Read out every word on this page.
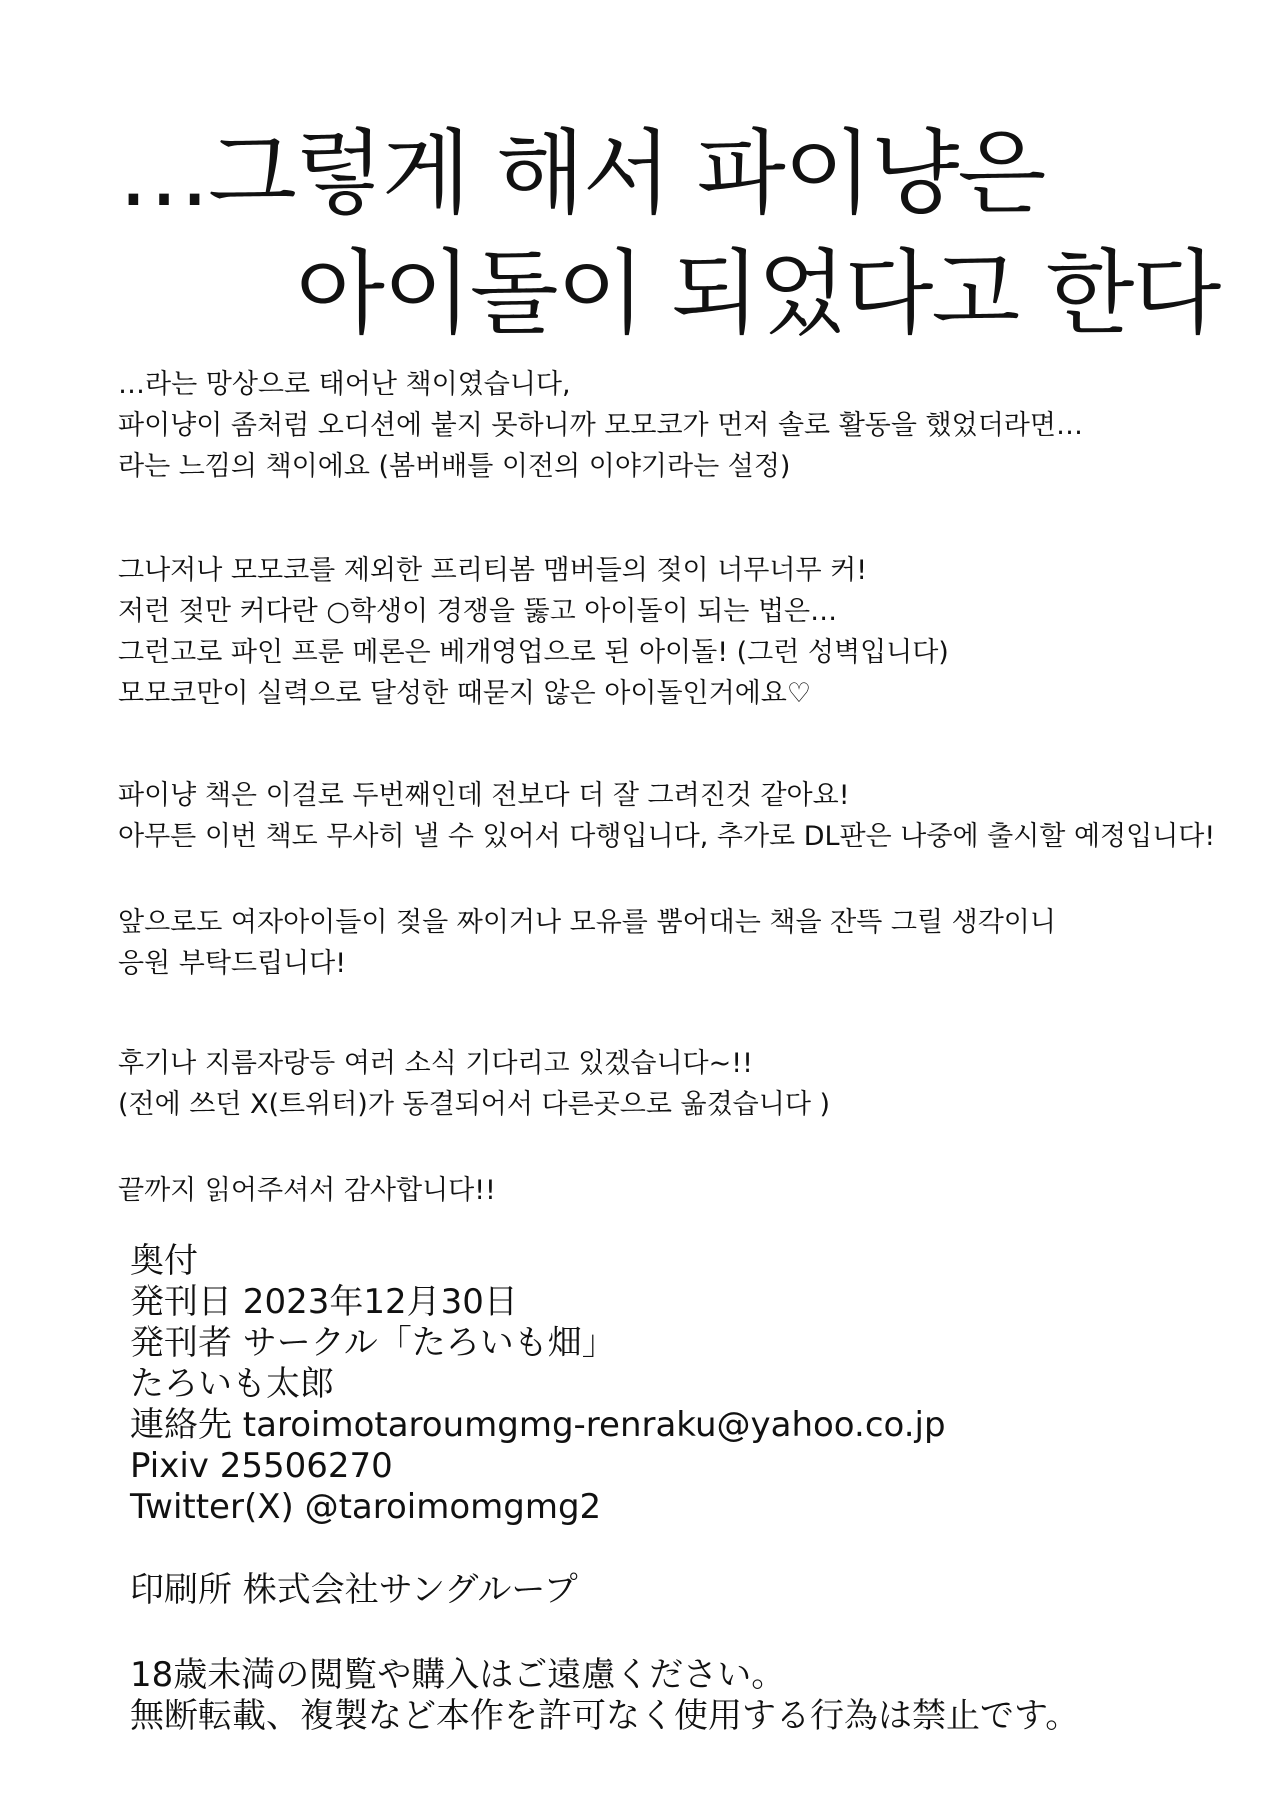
…그렇게 해서 파이냥은
아이돌이 되었다고 한다
…라는 망상으로 태어난 책이였습니다,
파이냥이 좀처럼 오디션에 붙지 못하니까 모모코가 먼저 솔로 활동을 했었더라면…
라는 느낌의 책이에요 (봄버배틀 이전의 이야기라는 설정)
그나저나 모모코를 제외한 프리티봄 맴버들의 젖이 너무너무 커!
저런 젖만 커다란 ○학생이 경쟁을 뚫고 아이돌이 되는 법은…
그런고로 파인 프룬 메론은 베개영업으로 된 아이돌! (그런 성벽입니다)
모모코만이 실력으로 달성한 때묻지 않은 아이돌인거에요♡
파이냥 책은 이걸로 두번째인데 전보다 더 잘 그려진것 같아요!
아무튼 이번 책도 무사히 낼 수 있어서 다행입니다, 추가로 DL판은 나중에 출시할 예정입니다!
앞으로도 여자아이들이 젖을 짜이거나 모유를 뿜어대는 책을 잔뜩 그릴 생각이니
응원 부탁드립니다!
후기나 지름자랑등 여러 소식 기다리고 있겠습니다~!!
(전에 쓰던 X(트위터)가 동결되어서 다른곳으로 옮겼습니다 )
끝까지 읽어주셔서 감사합니다!!
奥付
発刊日 2023年12月30日
発刊者 サークル「たろいも畑」
たろいも太郎
連絡先 taroimotaroumgmg-renraku@yahoo.co.jp
Pixiv 25506270
Twitter(X) @taroimomgmg2
印刷所 株式会社サングループ
18歳未満の閲覧や購入はご遠慮ください。
無断転載、複製など本作を許可なく使用する行為は禁止です。
